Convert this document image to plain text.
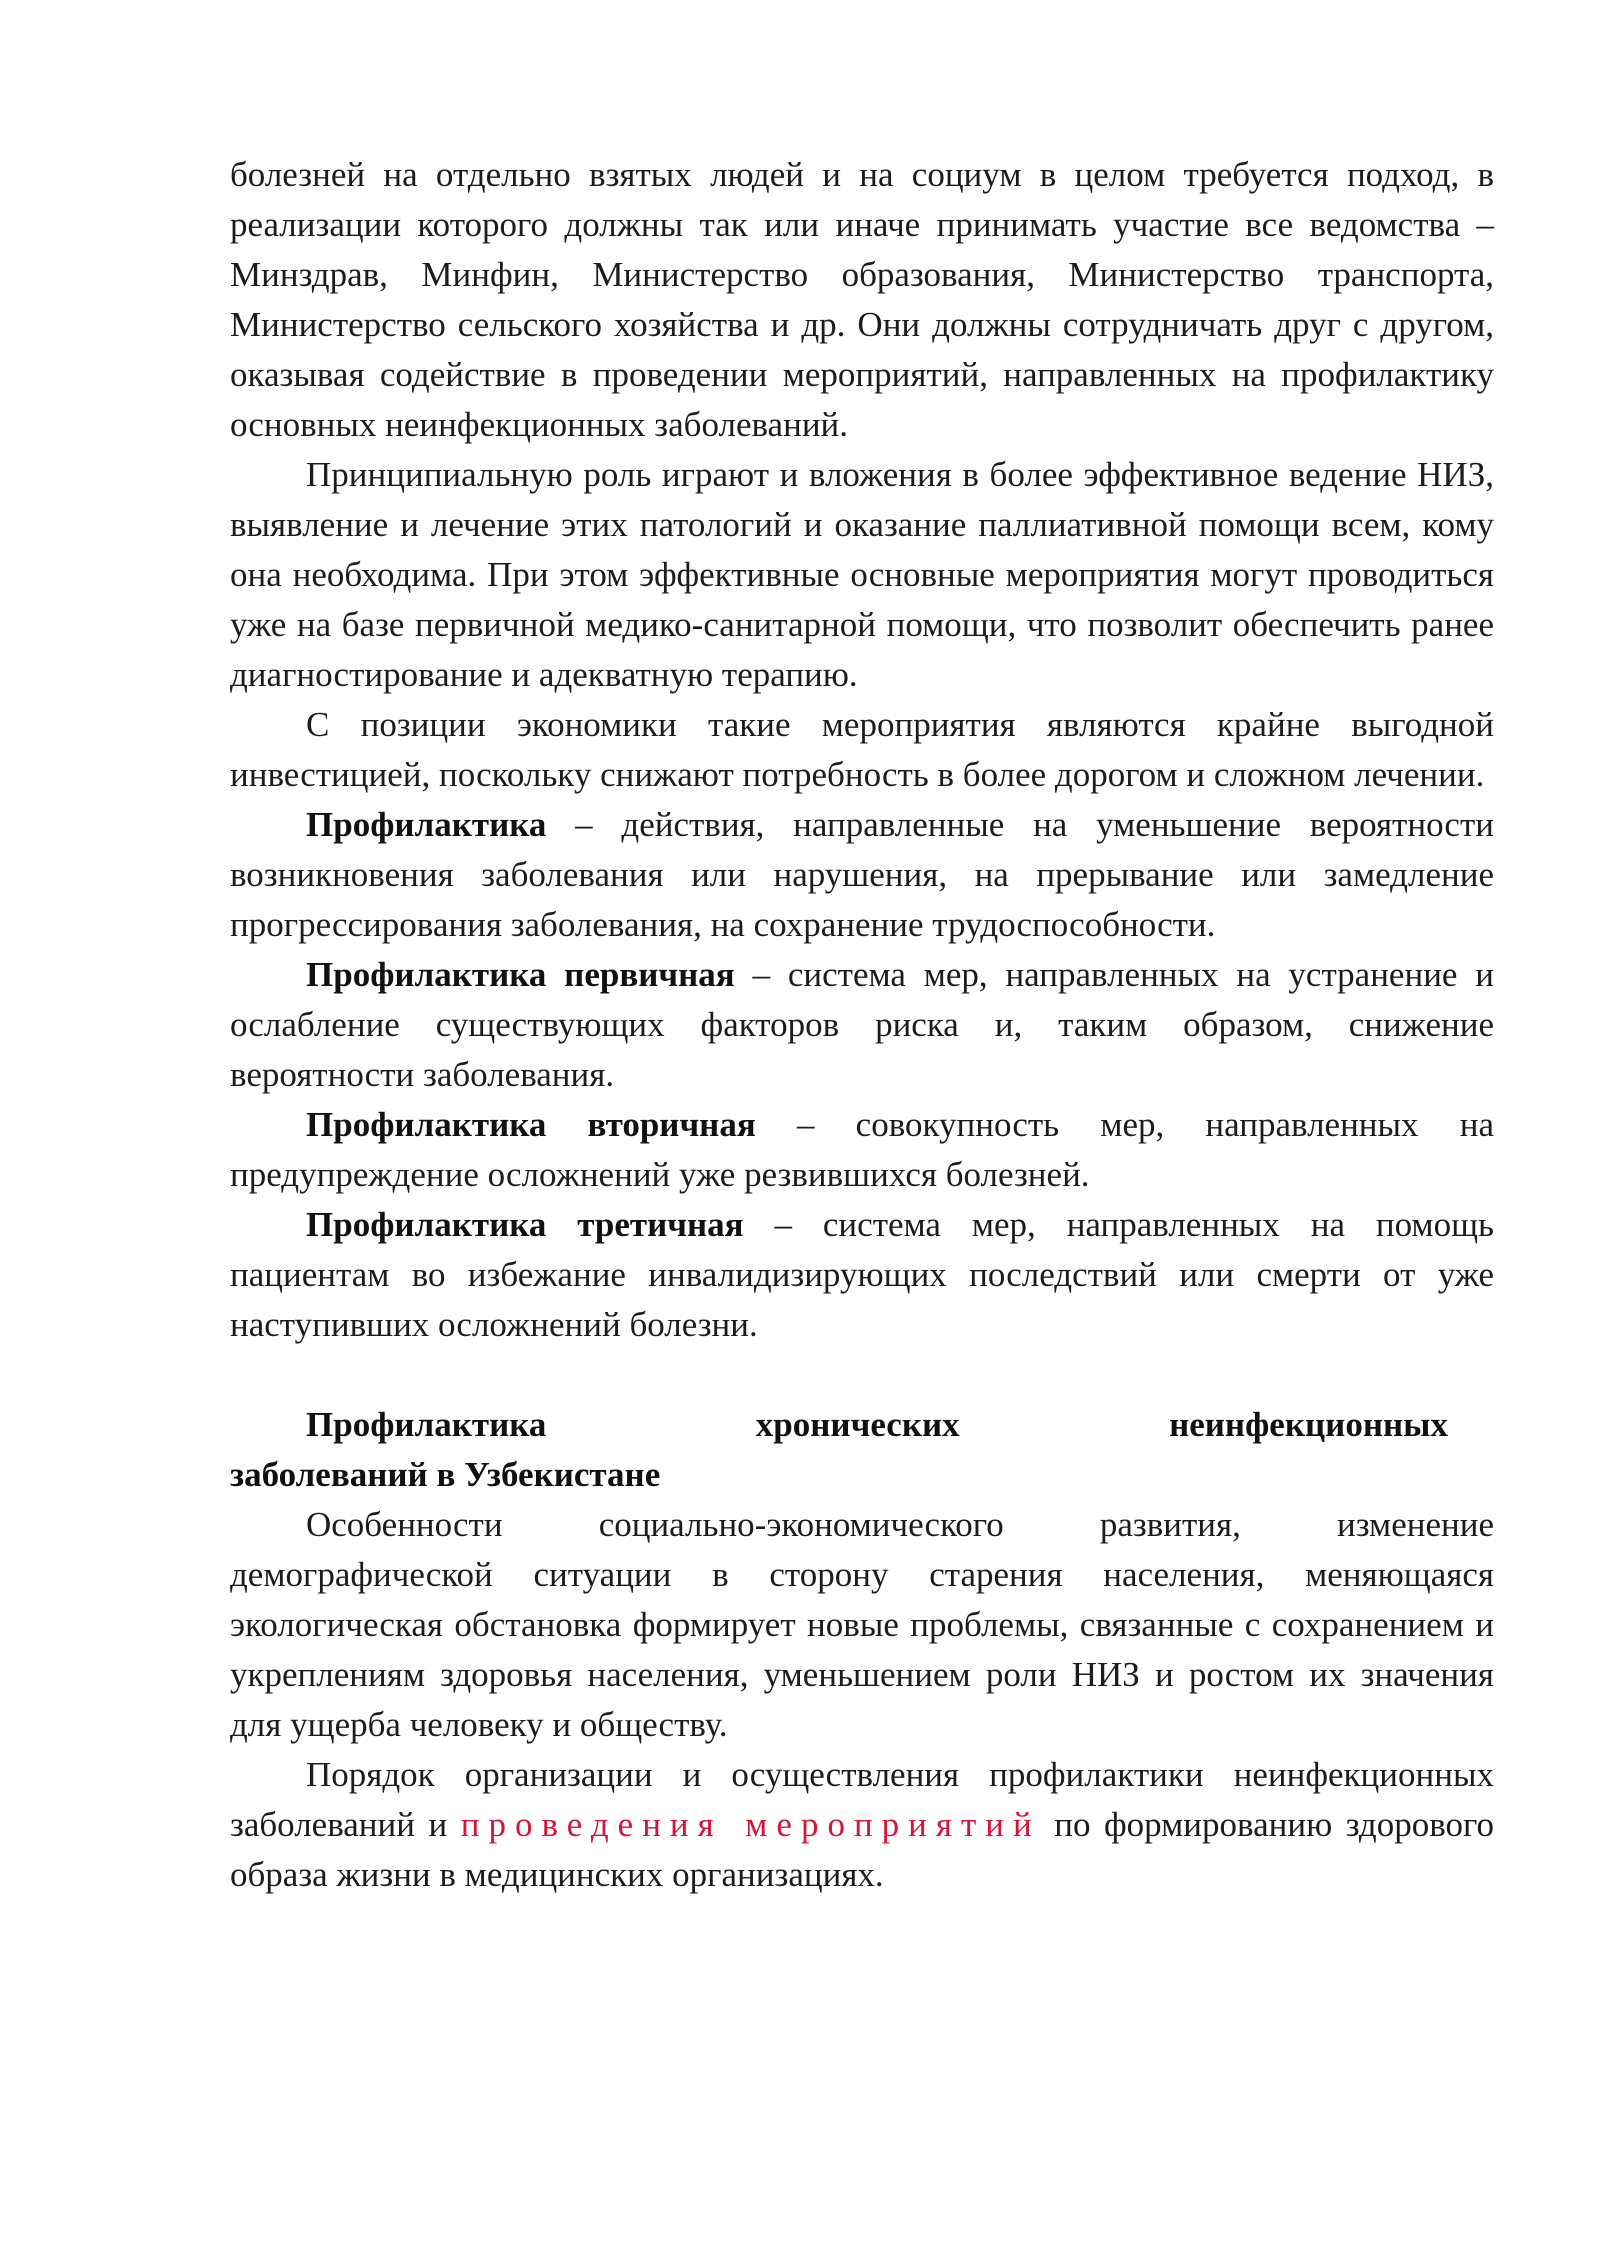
болезней на отдельно взятых людей и на социум в целом требуется подход, в реализации которого должны так или иначе принимать участие все ведомства – Минздрав, Минфин, Министерство образования, Министерство транспорта, Министерство сельского хозяйства и др. Они должны сотрудничать друг с другом, оказывая содействие в проведении мероприятий, направленных на профилактику основных неинфекционных заболеваний.

Принципиальную роль играют и вложения в более эффективное ведение НИЗ, выявление и лечение этих патологий и оказание паллиативной помощи всем, кому она необходима. При этом эффективные основные мероприятия могут проводиться уже на базе первичной медико-санитарной помощи, что позволит обеспечить ранее диагностирование и адекватную терапию.

С позиции экономики такие мероприятия являются крайне выгодной инвестицией, поскольку снижают потребность в более дорогом и сложном лечении.

Профилактика – действия, направленные на уменьшение вероятности возникновения заболевания или нарушения, на прерывание или замедление прогрессирования заболевания, на сохранение трудоспособности.

Профилактика первичная – система мер, направленных на устранение и ослабление существующих факторов риска и, таким образом, снижение вероятности заболевания.

Профилактика вторичная – совокупность мер, направленных на предупреждение осложнений уже резвившихся болезней.

Профилактика третичная – система мер, направленных на помощь пациентам во избежание инвалидизирующих последствий или смерти от уже наступивших осложнений болезни.

Профилактика	хронических	неинфекционных

заболеваний в Узбекистане

Особенности социально-экономического развития, изменение демографической ситуации в сторону старения населения, меняющаяся экологическая обстановка формирует новые проблемы, связанные с сохранением и укреплениям здоровья населения, уменьшением роли НИЗ и ростом их значения для ущерба человеку и обществу.

Порядок организации и осуществления профилактики неинфекционных заболеваний и проведения мероприятий по формированию здорового образа жизни в медицинских организациях.
